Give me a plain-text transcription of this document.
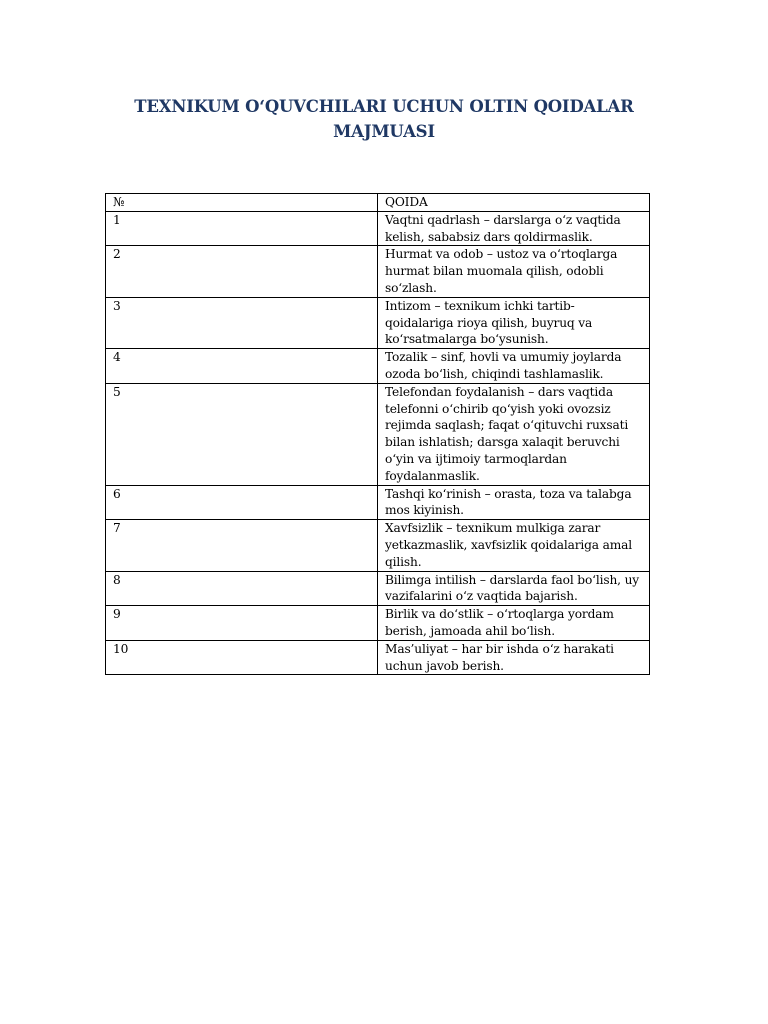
TEXNIKUM O‘QUVCHILARI UCHUN OLTIN QOIDALAR
MAJMUASI
№	QOIDA
1	Vaqtni qadrlash – darslarga o‘z vaqtida kelish, sababsiz dars qoldirmaslik.
2	Hurmat va odob – ustoz va o‘rtoqlarga hurmat bilan muomala qilish, odobli so‘zlash.
3	Intizom – texnikum ichki tartib-qoidalariga rioya qilish, buyruq va ko‘rsatmalarga bo‘ysunish.
4	Tozalik – sinf, hovli va umumiy joylarda ozoda bo‘lish, chiqindi tashlamaslik.
5	Telefondan foydalanish – dars vaqtida telefonni o‘chirib qo‘yish yoki ovozsiz rejimda saqlash; faqat o‘qituvchi ruxsati bilan ishlatish; darsga xalaqit beruvchi o‘yin va ijtimoiy tarmoqlardan foydalanmaslik.
6	Tashqi ko‘rinish – orasta, toza va talabga mos kiyinish.
7	Xavfsizlik – texnikum mulkiga zarar yetkazmaslik, xavfsizlik qoidalariga amal qilish.
8	Bilimga intilish – darslarda faol bo‘lish, uy vazifalarini o‘z vaqtida bajarish.
9	Birlik va do‘stlik – o‘rtoqlarga yordam berish, jamoada ahil bo‘lish.
10	Mas’uliyat – har bir ishda o‘z harakati uchun javob berish.
